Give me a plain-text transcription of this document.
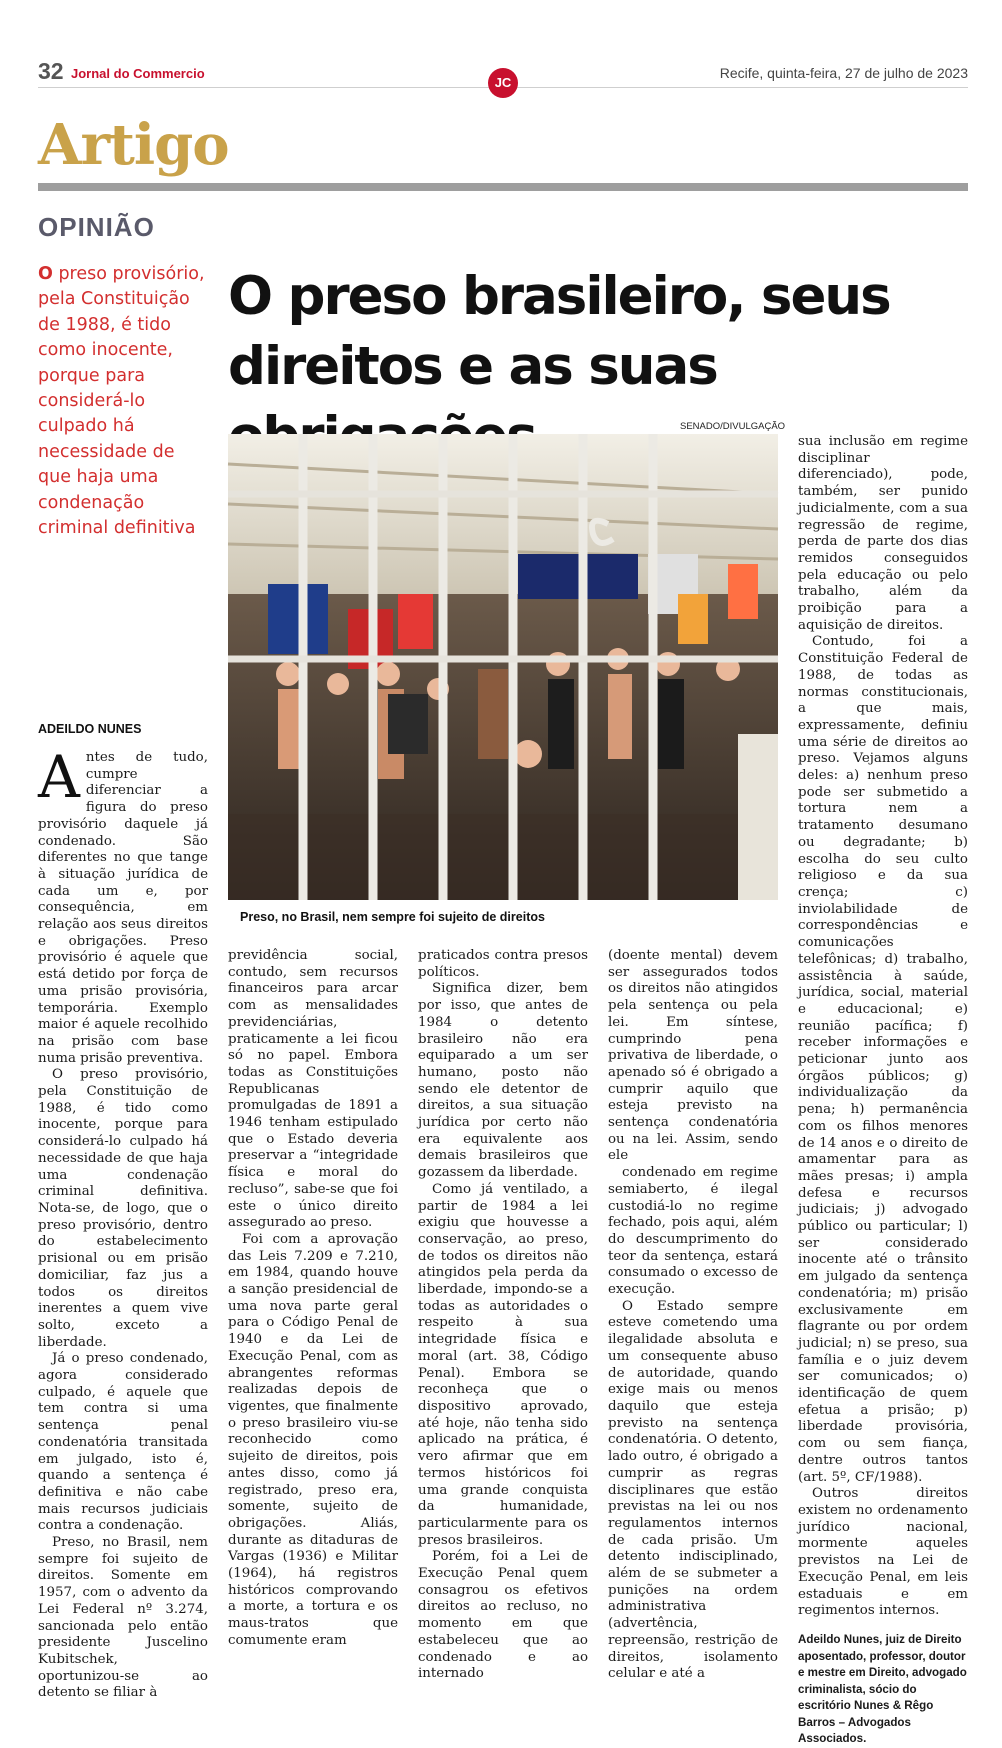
32 Jornal do Commercio
JC
Recife, quinta-feira, 27 de julho de 2023
Artigo
OPINIÃO
O preso provisório, pela Constituição de 1988, é tido como inocente, porque para considerá-lo culpado há necessidade de que haja uma condenação criminal definitiva
O preso brasileiro, seus direitos e as suas
SENADO/DIVULGAÇÃO
Preso, no Brasil, nem sempre foi sujeito de direitos
ADEILDO NUNES

Antes de tudo, cumpre diferenciar a figura do preso provisório daquele já condenado. São diferentes no que tange à situação jurídica de cada um e, por consequência, em relação aos seus direitos e obrigações. Preso provisório é aquele que está detido por força de uma prisão provisória, temporária. Exemplo maior é aquele recolhido na prisão com base numa prisão preventiva.

O preso provisório, pela Constituição de 1988, é tido como inocente, porque para considerá-lo culpado há necessidade de que haja uma condenação criminal definitiva. Nota-se, de logo, que o preso provisório, dentro do estabelecimento prisional ou em prisão domiciliar, faz jus a todos os direitos inerentes a quem vive solto, exceto a liberdade.

Já o preso condenado, agora considerado culpado, é aquele que tem contra si uma sentença penal condenatória transitada em julgado, isto é, quando a sentença é definitiva e não cabe mais recursos judiciais contra a condenação.

Preso, no Brasil, nem sempre foi sujeito de direitos. Somente em 1957, com o advento da Lei Federal nº 3.274, sancionada pelo então presidente Juscelino Kubitschek, oportunizou-se ao detento se filiar à

previdência social, contudo, sem recursos financeiros para arcar com as mensalidades previdenciárias, praticamente a lei ficou só no papel. Embora todas as Constituições Republicanas promulgadas de 1891 a 1946 tenham estipulado que o Estado deveria preservar a “integridade física e moral do recluso”, sabe-se que foi este o único direito assegurado ao preso.

Foi com a aprovação das Leis 7.209 e 7.210, em 1984, quando houve a sanção presidencial de uma nova parte geral para o Código Penal de 1940 e da Lei de Execução Penal, com as abrangentes reformas realizadas depois de vigentes, que finalmente o preso brasileiro viu-se reconhecido como sujeito de direitos, pois antes disso, como já registrado, preso era, somente, sujeito de obrigações. Aliás, durante as ditaduras de Vargas (1936) e Militar (1964), há registros históricos comprovando a morte, a tortura e os maus-tratos que comumente eram

praticados contra presos políticos.

Significa dizer, bem por isso, que antes de 1984 o detento brasileiro não era equiparado a um ser humano, posto não sendo ele detentor de direitos, a sua situação jurídica por certo não era equivalente aos demais brasileiros que gozassem da liberdade.

Como já ventilado, a partir de 1984 a lei exigiu que houvesse a conservação, ao preso, de todos os direitos não atingidos pela perda da liberdade, impondo-se a todas as autoridades o respeito à sua integridade física e moral (art. 38, Código Penal). Embora se reconheça que o dispositivo aprovado, até hoje, não tenha sido aplicado na prática, é vero afirmar que em termos históricos foi uma grande conquista da humanidade, particularmente para os presos brasileiros.

Porém, foi a Lei de Execução Penal quem consagrou os efetivos direitos ao recluso, no momento em que estabeleceu que ao condenado e ao internado

(doente mental) devem ser assegurados todos os direitos não atingidos pela sentença ou pela lei. Em síntese, cumprindo pena privativa de liberdade, o apenado só é obrigado a cumprir aquilo que esteja previsto na sentença condenatória ou na lei. Assim, sendo ele

condenado em regime semiaberto, é ilegal custodiá-lo no regime fechado, pois aqui, além do descumprimento do teor da sentença, estará consumado o excesso de execução.

O Estado sempre esteve cometendo uma ilegalidade absoluta e um consequente abuso de autoridade, quando exige mais ou menos daquilo que esteja previsto na sentença condenatória. O detento, lado outro, é obrigado a cumprir as regras disciplinares que estão previstas na lei ou nos regulamentos internos de cada prisão. Um detento indisciplinado, além de se submeter a punições na ordem administrativa (advertência, repreensão, restrição de direitos, isolamento celular e até a

sua inclusão em regime disciplinar diferenciado), pode, também, ser punido judicialmente, com a sua regressão de regime, perda de parte dos dias remidos conseguidos pela educação ou pelo trabalho, além da proibição para a aquisição de direitos.

Contudo, foi a Constituição Federal de 1988, de todas as normas constitucionais, a que mais, expressamente, definiu uma série de direitos ao preso. Vejamos alguns deles: a) nenhum preso pode ser submetido a tortura nem a tratamento desumano ou degradante; b) escolha do seu culto religioso e da sua crença; c) inviolabilidade de correspondências e comunicações telefônicas; d) trabalho, assistência à saúde, jurídica, social, material e educacional; e) reunião pacífica; f) receber informações e peticionar junto aos órgãos públicos; g) individualização da pena; h) permanência com os filhos menores de 14 anos e o direito de amamentar para as mães presas; i) ampla defesa e recursos judiciais; j) advogado público ou particular; l) ser considerado inocente até o trânsito em julgado da sentença condenatória; m) prisão exclusivamente em flagrante ou por ordem judicial; n) se preso, sua família e o juiz devem ser comunicados; o) identificação de quem efetua a prisão; p) liberdade provisória, com ou sem fiança, dentre outros tantos (art. 5º, CF/1988).

Outros direitos existem no ordenamento jurídico nacional, mormente aqueles previstos na Lei de Execução Penal, em leis estaduais e em regimentos internos.

Adeildo Nunes, juiz de Direito aposentado, professor, doutor e mestre em Direito, advogado criminalista, sócio do escritório Nunes & Rêgo Barros – Advogados Associados.
